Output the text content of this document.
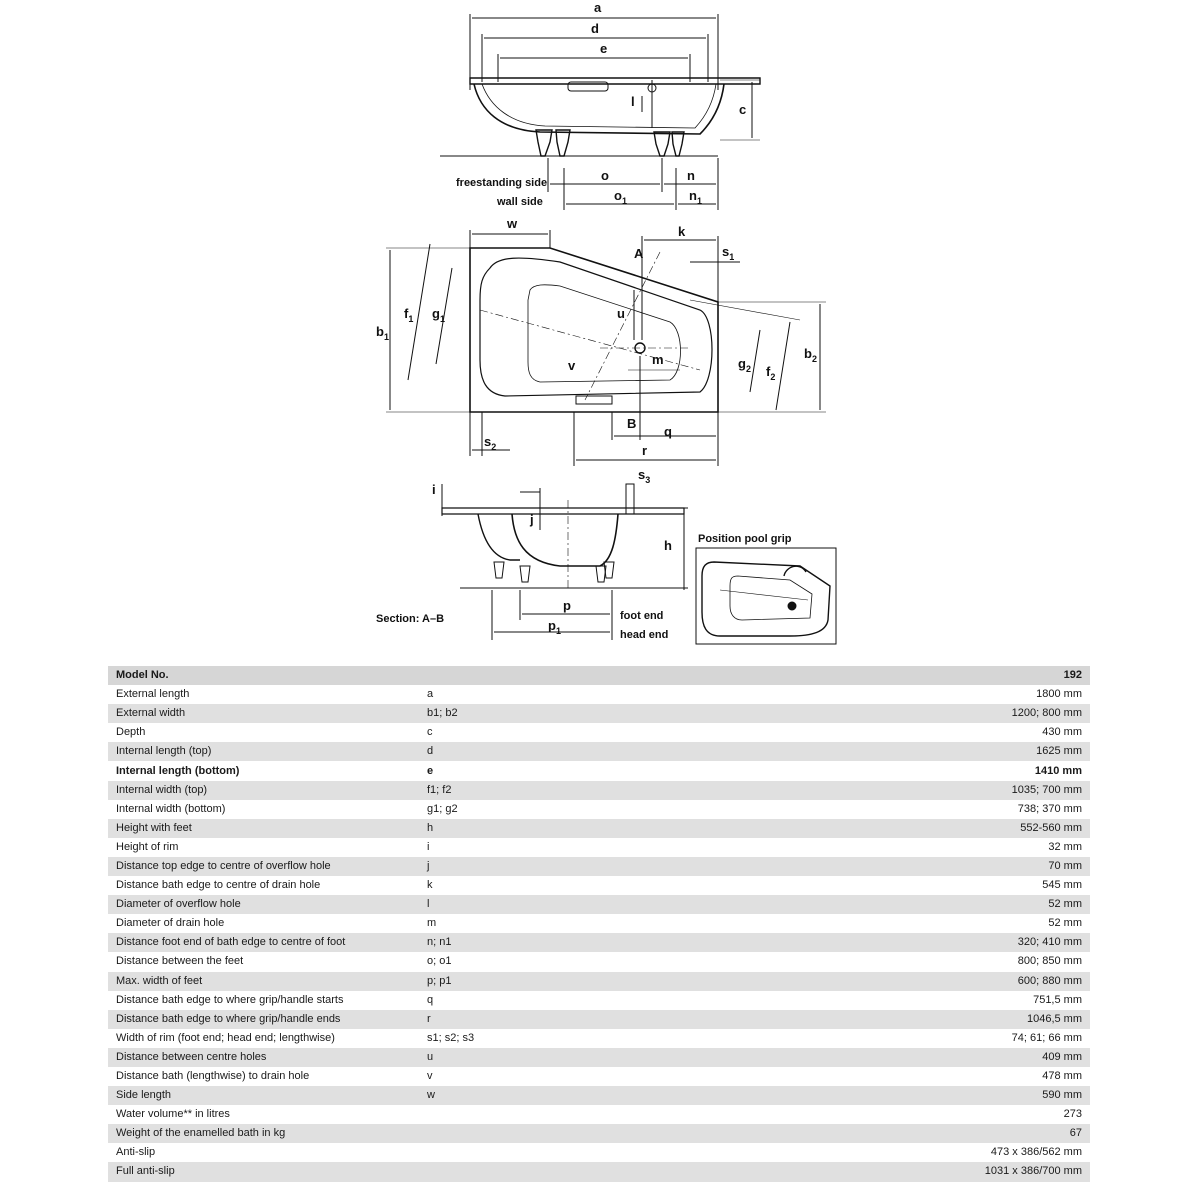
a
d
e
c
l
freestanding side
wall side
o	n
$o_1$	$n_1$
w
k
A	$s_1$
$b_1$
$f_1$ $g_1$	u
v	m	$g_2$ $f_2$
$b_2$
B
q
r
$s_2$
i
j
$s_3$
h
p
$p_1$
Section: A–B	foot end
head end
Position pool grip
Model No.		192
External length	a	1800 mm
External width	b1; b2	1200; 800 mm
Depth	c	430 mm
Internal length (top)	d	1625 mm
Internal length (bottom)	e	1410 mm
Internal width (top)	f1; f2	1035; 700 mm
Internal width (bottom)	g1; g2	738; 370 mm
Height with feet	h	552-560 mm
Height of rim	i	32 mm
Distance top edge to centre of overflow hole	j	70 mm
Distance bath edge to centre of drain hole	k	545 mm
Diameter of overflow hole	l	52 mm
Diameter of drain hole	m	52 mm
Distance foot end of bath edge to centre of foot	n; n1	320; 410 mm
Distance between the feet	o; o1	800; 850 mm
Max. width of feet	p; p1	600; 880 mm
Distance bath edge to where grip/handle starts	q	751,5 mm
Distance bath edge to where grip/handle ends	r	1046,5 mm
Width of rim (foot end; head end; lengthwise)	s1; s2; s3	74; 61; 66 mm
Distance between centre holes	u	409 mm
Distance bath (lengthwise) to drain hole	v	478 mm
Side length	w	590 mm
Water volume** in litres		273
Weight of the enamelled bath in kg		67
Anti-slip		473 x 386/562 mm
Full anti-slip		1031 x 386/700 mm
